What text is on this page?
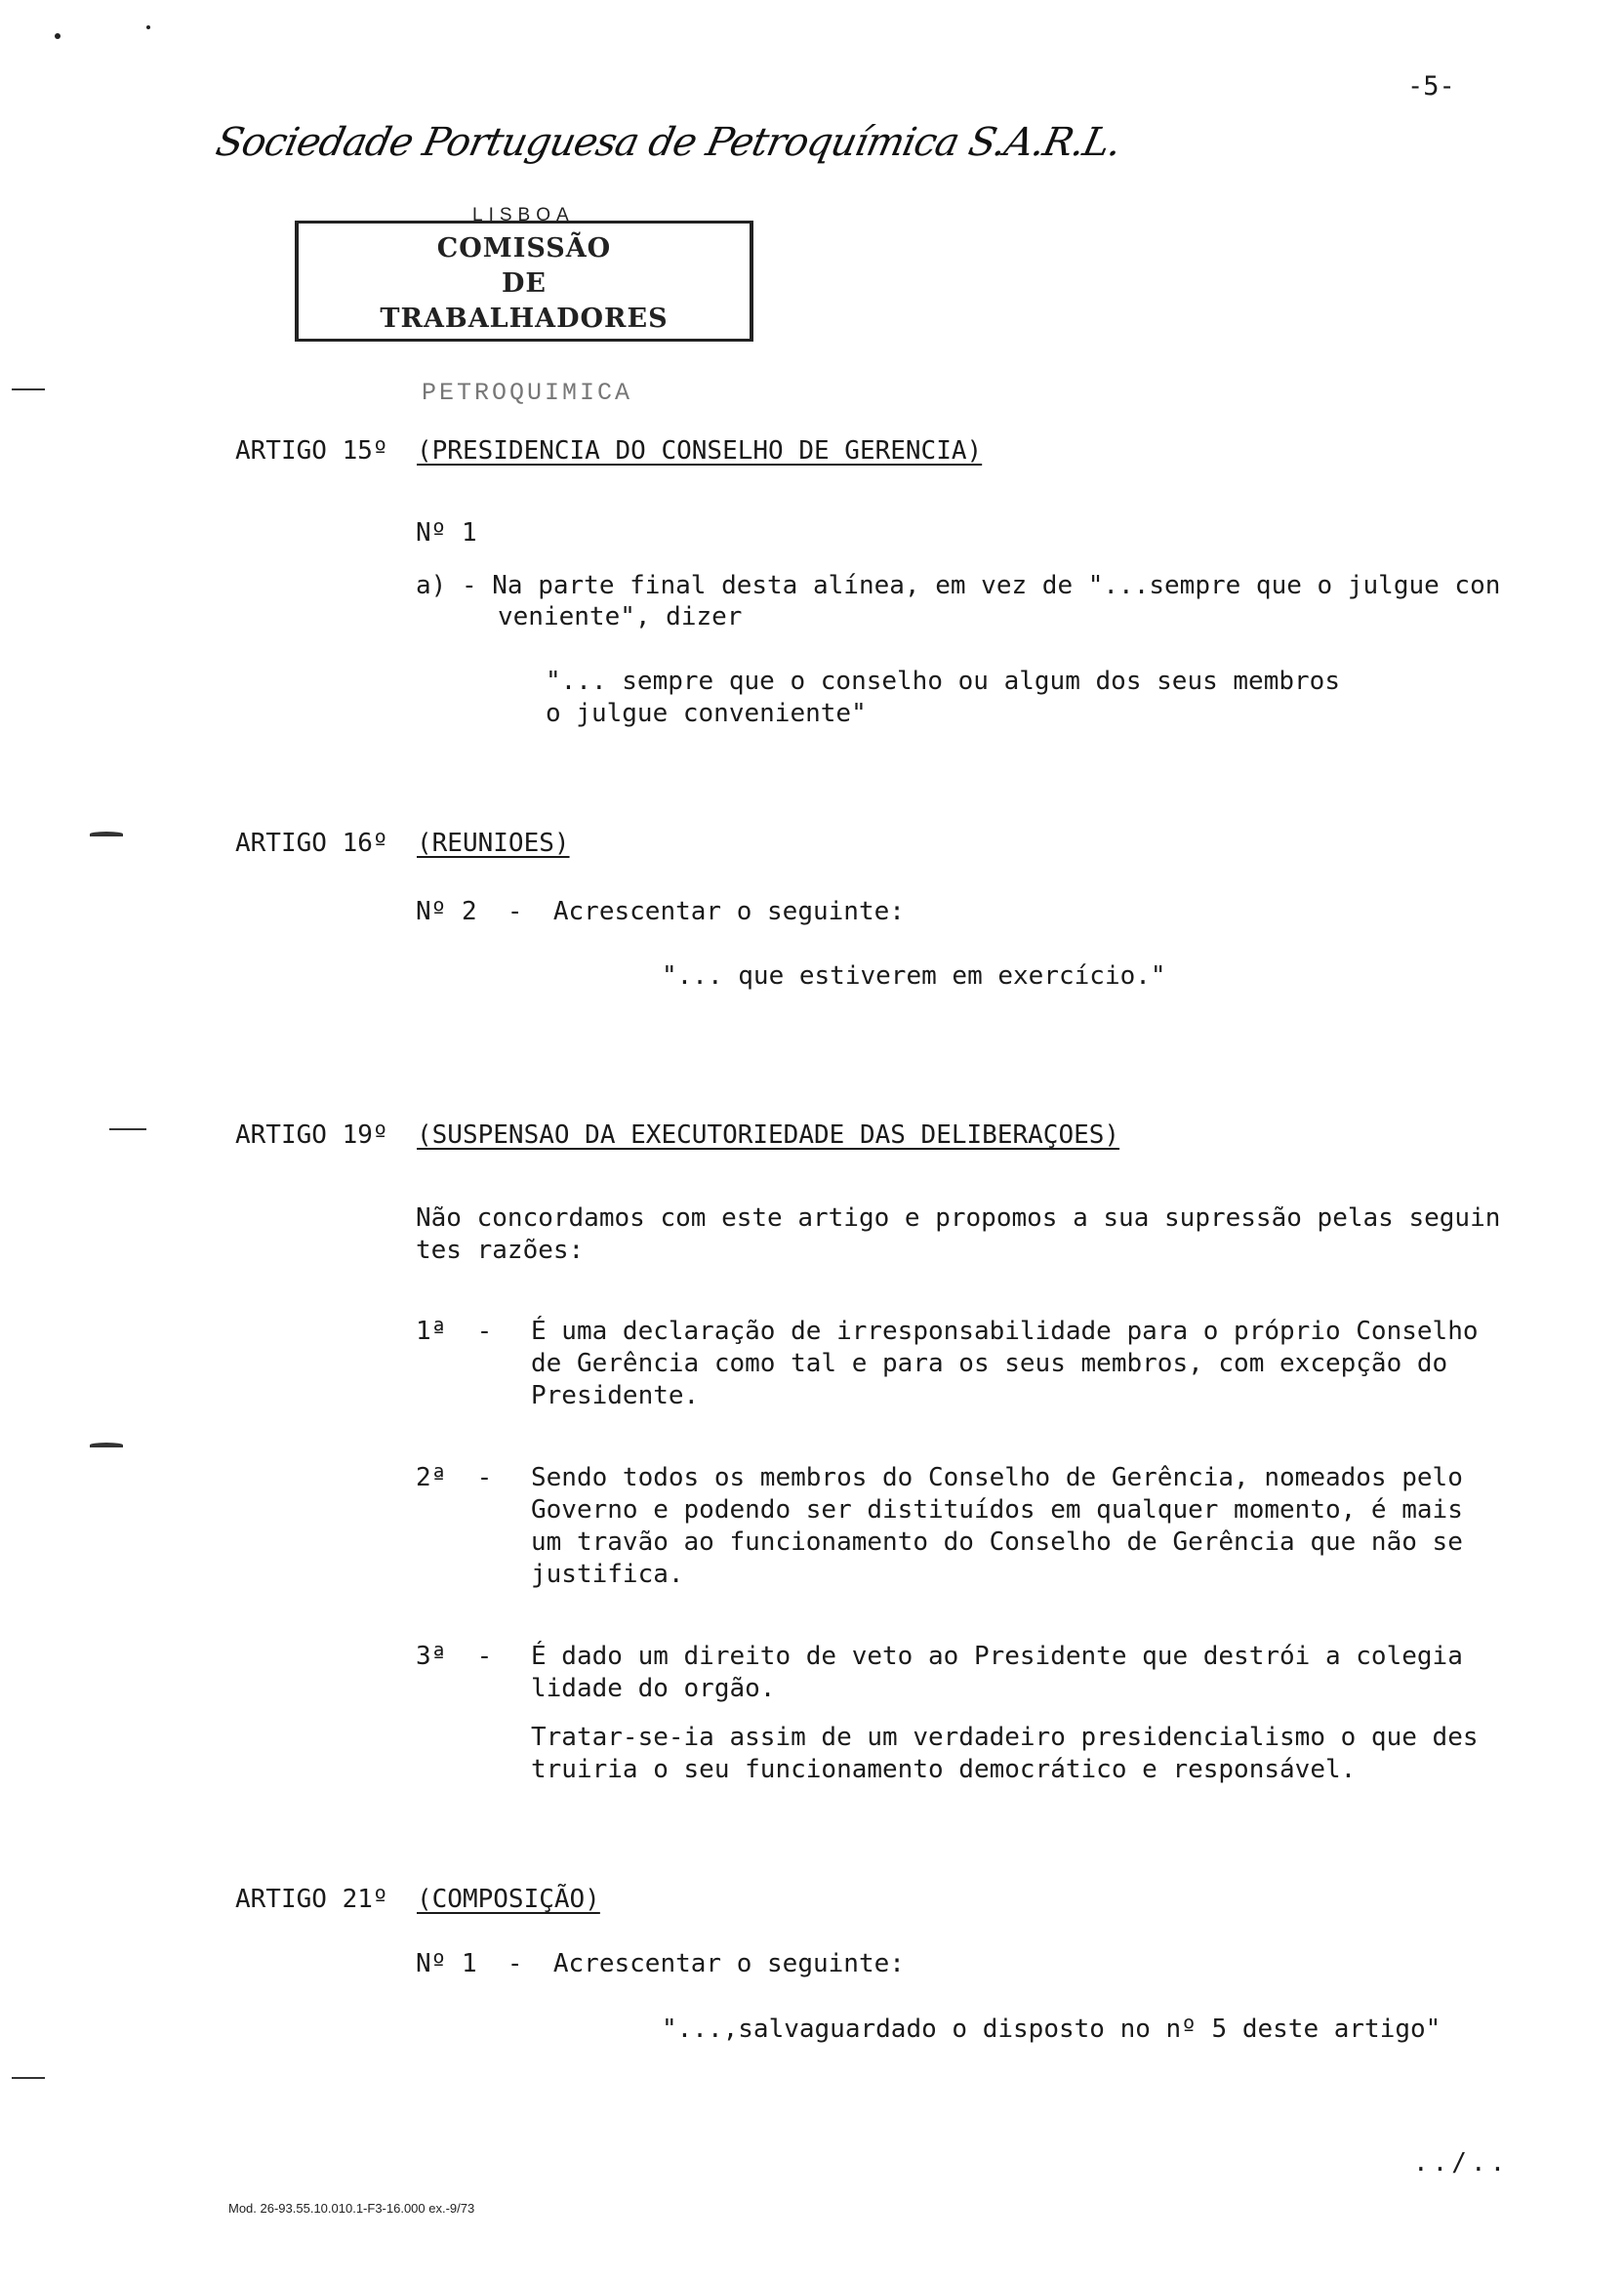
-5-
Sociedade Portuguesa de Petroquímica S.A.R.L.
LISBOA
COMISSÃO
DE
TRABALHADORES
PETROQUIMICA
ARTIGO 15º (PRESIDENCIA DO CONSELHO DE GERENCIA)
Nº 1
a) - Na parte final desta alínea, em vez de "...sempre que o julgue con
veniente", dizer
"... sempre que o conselho ou algum dos seus membros
o julgue conveniente"
ARTIGO 16º (REUNIOES)
Nº 2  -  Acrescentar o seguinte:
"... que estiverem em exercício."
ARTIGO 19º (SUSPENSAO DA EXECUTORIEDADE DAS DELIBERAÇOES)
Não concordamos com este artigo e propomos a sua supressão pelas seguin
tes razões:
1ª  - É uma declaração de irresponsabilidade para o próprio Conselho
de Gerência como tal e para os seus membros, com excepção do
Presidente.
2ª  - Sendo todos os membros do Conselho de Gerência, nomeados pelo
Governo e podendo ser distituídos em qualquer momento, é mais
um travão ao funcionamento do Conselho de Gerência que não se
justifica.
3ª  - É dado um direito de veto ao Presidente que destrói a colegia
lidade do orgão.
Tratar-se-ia assim de um verdadeiro presidencialismo o que des
truiria o seu funcionamento democrático e responsável.
ARTIGO 21º (COMPOSIÇÃO)
Nº 1  -  Acrescentar o seguinte:
"...,salvaguardado o disposto no nº 5 deste artigo"
../..
Mod. 26-93.55.10.010.1-F3-16.000 ex.-9/73
